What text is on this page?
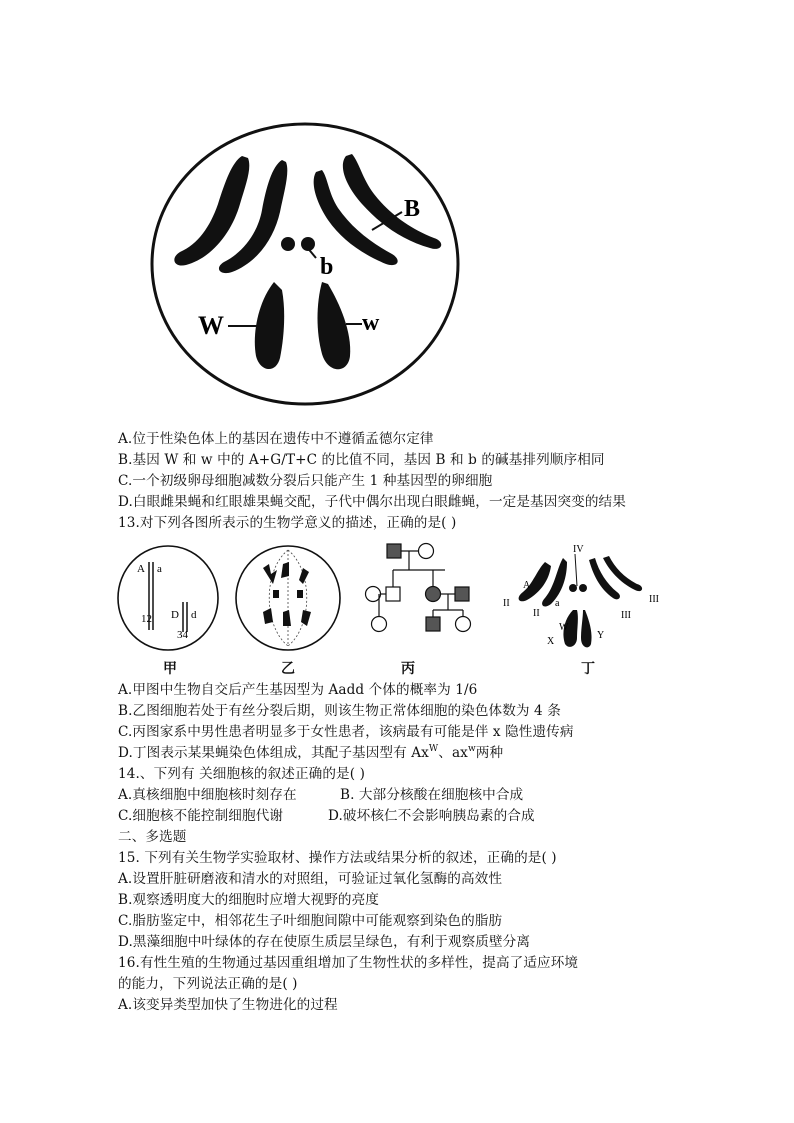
B
b
W	w
A.位于性染色体上的基因在遗传中不遵循孟德尔定律
B.基因 W 和 w 中的 A+G/T+C 的比值不同，基因 B 和 b 的碱基排列顺序相同
C.一个初级卵母细胞减数分裂后只能产生 1 种基因型的卵细胞
D.白眼雌果蝇和红眼雄果蝇交配，子代中偶尔出现白眼雌蝇，一定是基因突变的结果
13.对下列各图所表示的生物学意义的描述，正确的是( )
A a
12 D d
34
甲	乙	丙
IV
A
a
II
II
III
III
W
X
Y
丁
A.甲图中生物自交后产生基因型为 Aadd 个体的概率为 1/6
B.乙图细胞若处于有丝分裂后期，则该生物正常体细胞的染色体数为 4 条
C.丙图家系中男性患者明显多于女性患者，该病最有可能是伴 x 隐性遗传病
D.丁图表示某果蝇染色体组成，其配子基因型有 $Ax^W$、$ax^w$两种
14.、下列有 关细胞核的叙述正确的是( )
A.真核细胞中细胞核时刻存在	B. 大部分核酸在细胞核中合成
C.细胞核不能控制细胞代谢	D.破坏核仁不会影响胰岛素的合成
二、多选题
15. 下列有关生物学实验取材、操作方法或结果分析的叙述，正确的是( )
A.设置肝脏研磨液和清水的对照组，可验证过氧化氢酶的高效性
B.观察透明度大的细胞时应增大视野的亮度
C.脂肪鉴定中，相邻花生子叶细胞间隙中可能观察到染色的脂肪
D.黑藻细胞中叶绿体的存在使原生质层呈绿色，有利于观察质壁分离
16.有性生殖的生物通过基因重组增加了生物性状的多样性，提高了适应环境
的能力，下列说法正确的是( )
A.该变异类型加快了生物进化的过程
